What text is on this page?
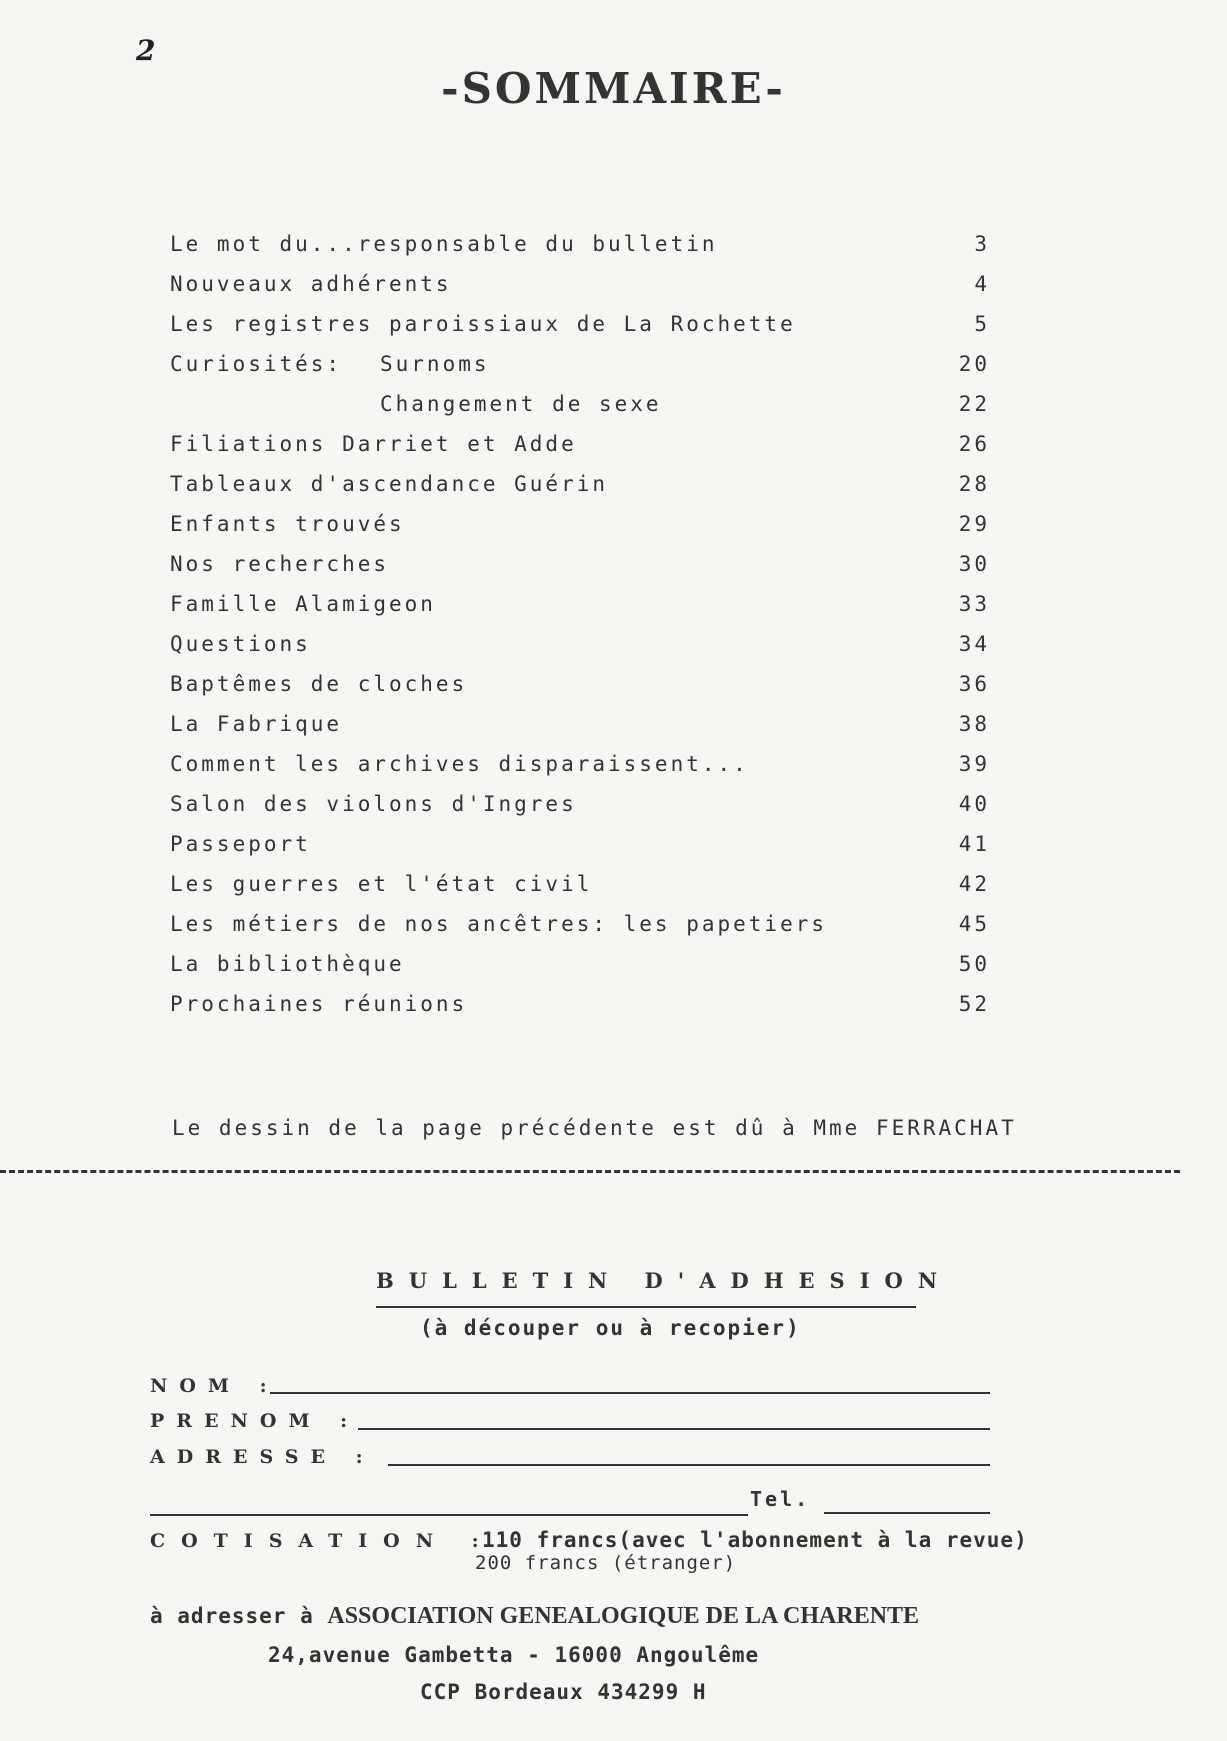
2
-SOMMAIRE-
Le mot du...responsable du bulletin	3
Nouveaux adhérents	4
Les registres paroissiaux de La Rochette	5
Curiosités: Surnoms	20
Changement de sexe	22
Filiations Darriet et Adde	26
Tableaux d'ascendance Guérin	28
Enfants trouvés	29
Nos recherches	30
Famille Alamigeon	33
Questions	34
Baptêmes de cloches	36
La Fabrique	38
Comment les archives disparaissent...	39
Salon des violons d'Ingres	40
Passeport	41
Les guerres et l'état civil	42
Les métiers de nos ancêtres: les papetiers	45
La bibliothèque	50
Prochaines réunions	52
Le dessin de la page précédente est dû à Mme FERRACHAT
BULLETIN D'ADHESION
(à découper ou à recopier)
NOM :
PRENOM :
ADRESSE :
Tel.
COTISATION :
110 francs(avec l'abonnement à la revue)
200 francs (étranger)
à adresser à ASSOCIATION GENEALOGIQUE DE LA CHARENTE
24,avenue Gambetta - 16000 Angoulême
CCP Bordeaux 434299 H
